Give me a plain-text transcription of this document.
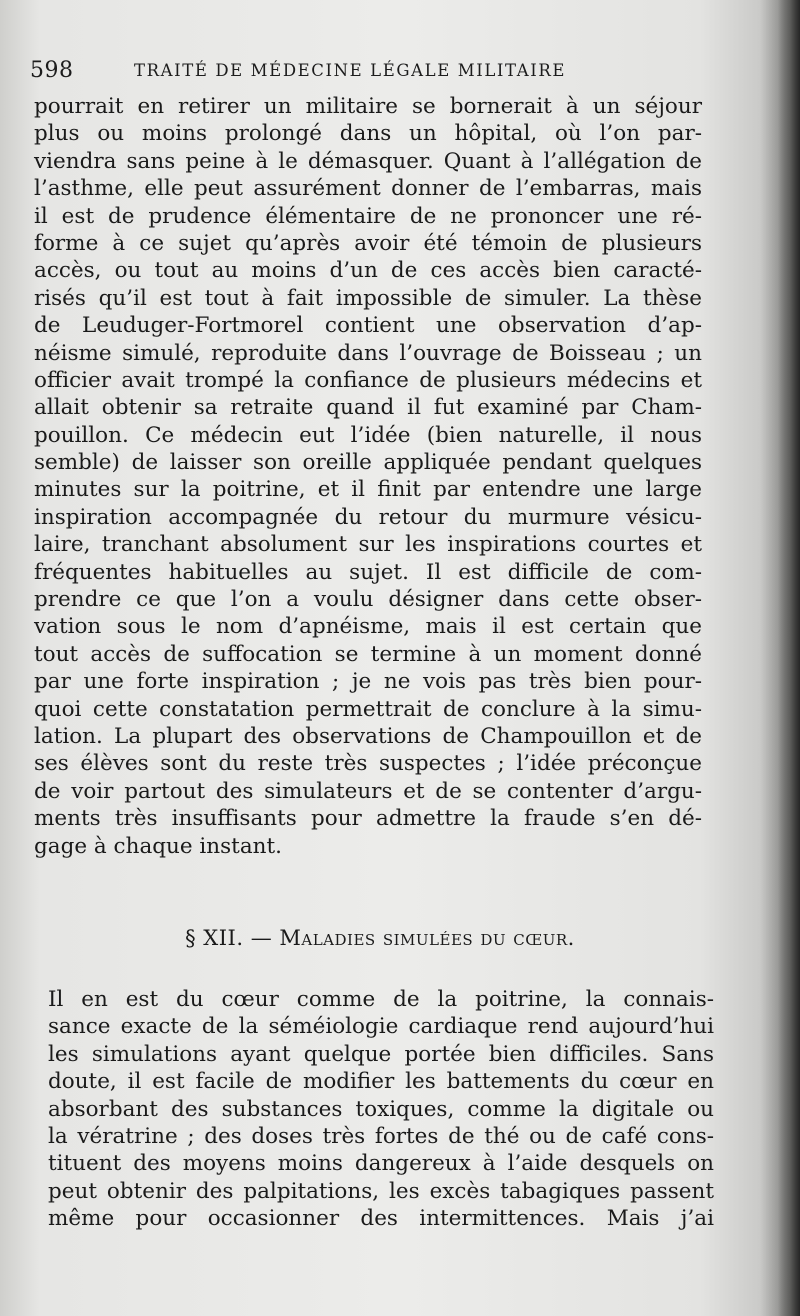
598	TRAITÉ DE MÉDECINE LÉGALE MILITAIRE
pourrait en retirer un militaire se bornerait à un séjour
plus ou moins prolongé dans un hôpital, où l’on par-
viendra sans peine à le démasquer. Quant à l’allégation de
l’asthme, elle peut assurément donner de l’embarras, mais
il est de prudence élémentaire de ne prononcer une ré-
forme à ce sujet qu’après avoir été témoin de plusieurs
accès, ou tout au moins d’un de ces accès bien caracté-
risés qu’il est tout à fait impossible de simuler. La thèse
de Leuduger-Fortmorel contient une observation d’ap-
néisme simulé, reproduite dans l’ouvrage de Boisseau ; un
officier avait trompé la confiance de plusieurs médecins et
allait obtenir sa retraite quand il fut examiné par Cham-
pouillon. Ce médecin eut l’idée (bien naturelle, il nous
semble) de laisser son oreille appliquée pendant quelques
minutes sur la poitrine, et il finit par entendre une large
inspiration accompagnée du retour du murmure vésicu-
laire, tranchant absolument sur les inspirations courtes et
fréquentes habituelles au sujet. Il est difficile de com-
prendre ce que l’on a voulu désigner dans cette obser-
vation sous le nom d’apnéisme, mais il est certain que
tout accès de suffocation se termine à un moment donné
par une forte inspiration ; je ne vois pas très bien pour-
quoi cette constatation permettrait de conclure à la simu-
lation. La plupart des observations de Champouillon et de
ses élèves sont du reste très suspectes ; l’idée préconçue
de voir partout des simulateurs et de se contenter d’argu-
ments très insuffisants pour admettre la fraude s’en dé-
gage à chaque instant.
§ XII. — Maladies simulées du cœur.
Il en est du cœur comme de la poitrine, la connais-
sance exacte de la séméiologie cardiaque rend aujourd’hui
les simulations ayant quelque portée bien difficiles. Sans
doute, il est facile de modifier les battements du cœur en
absorbant des substances toxiques, comme la digitale ou
la vératrine ; des doses très fortes de thé ou de café cons-
tituent des moyens moins dangereux à l’aide desquels on
peut obtenir des palpitations, les excès tabagiques passent
même pour occasionner des intermittences. Mais j’ai
